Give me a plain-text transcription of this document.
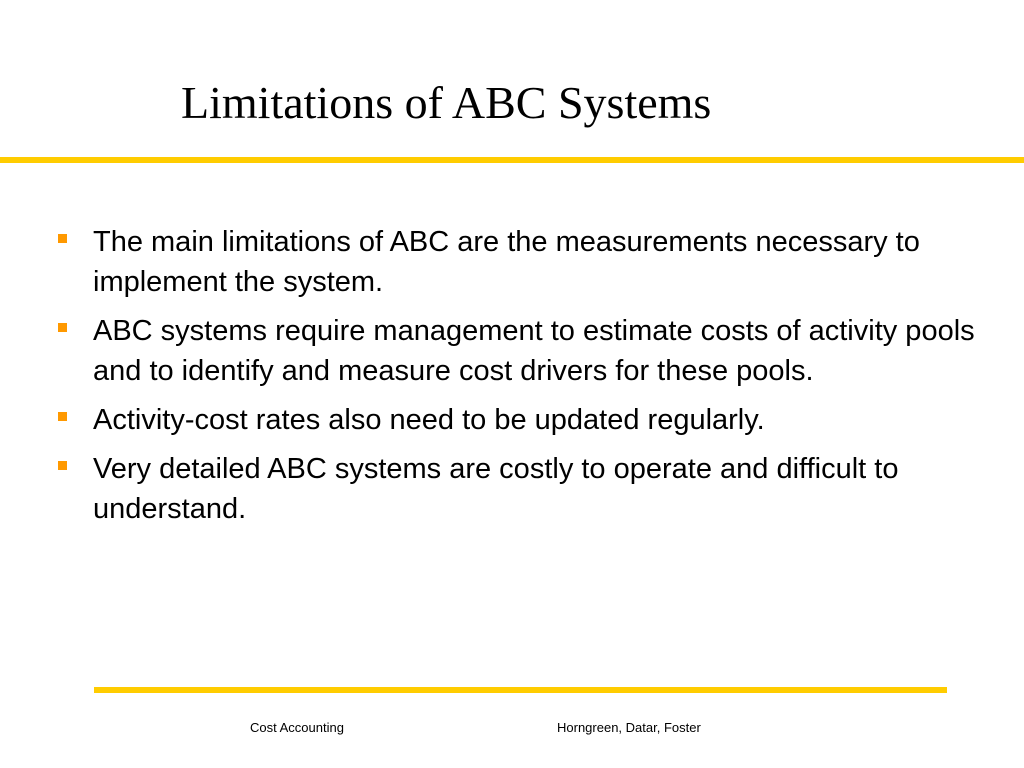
Limitations of ABC Systems
The main limitations of ABC are the measurements necessary to implement the system.
ABC systems require management to estimate costs of activity pools and to identify and measure cost drivers for these pools.
Activity-cost rates also need to be updated regularly.
Very detailed ABC systems are costly to operate and difficult to understand.
Cost Accounting	Horngreen, Datar, Foster
